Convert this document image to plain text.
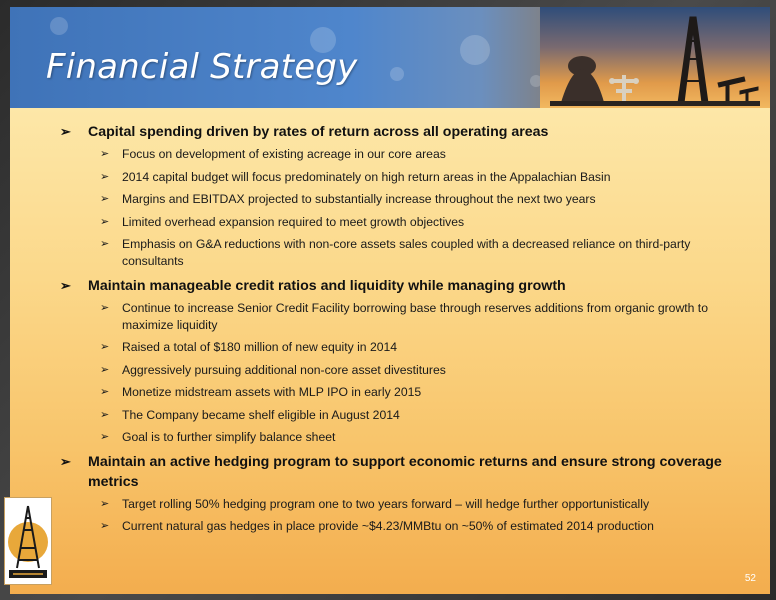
Financial Strategy
➢ Capital spending driven by rates of return across all operating areas
➢ Focus on development of existing acreage in our core areas
➢ 2014 capital budget will focus predominately on high return areas in the Appalachian Basin
➢ Margins and EBITDAX projected to substantially increase throughout the next two years
➢ Limited overhead expansion required to meet growth objectives
➢ Emphasis on G&A reductions with non-core assets sales coupled with a decreased reliance on third-party consultants
➢ Maintain manageable credit ratios and liquidity while managing growth
➢ Continue to increase Senior Credit Facility borrowing base through reserves additions from organic growth to maximize liquidity
➢ Raised a total of $180 million of new equity in 2014
➢ Aggressively pursuing additional non-core asset divestitures
➢ Monetize midstream assets with MLP IPO in early 2015
➢ The Company became shelf eligible in August 2014
➢ Goal is to further simplify balance sheet
➢ Maintain an active hedging program to support economic returns and ensure strong coverage metrics
➢ Target rolling 50% hedging program one to two years forward – will hedge further opportunistically
➢ Current natural gas hedges in place provide ~$4.23/MMBtu on ~50% of estimated 2014 production
52
